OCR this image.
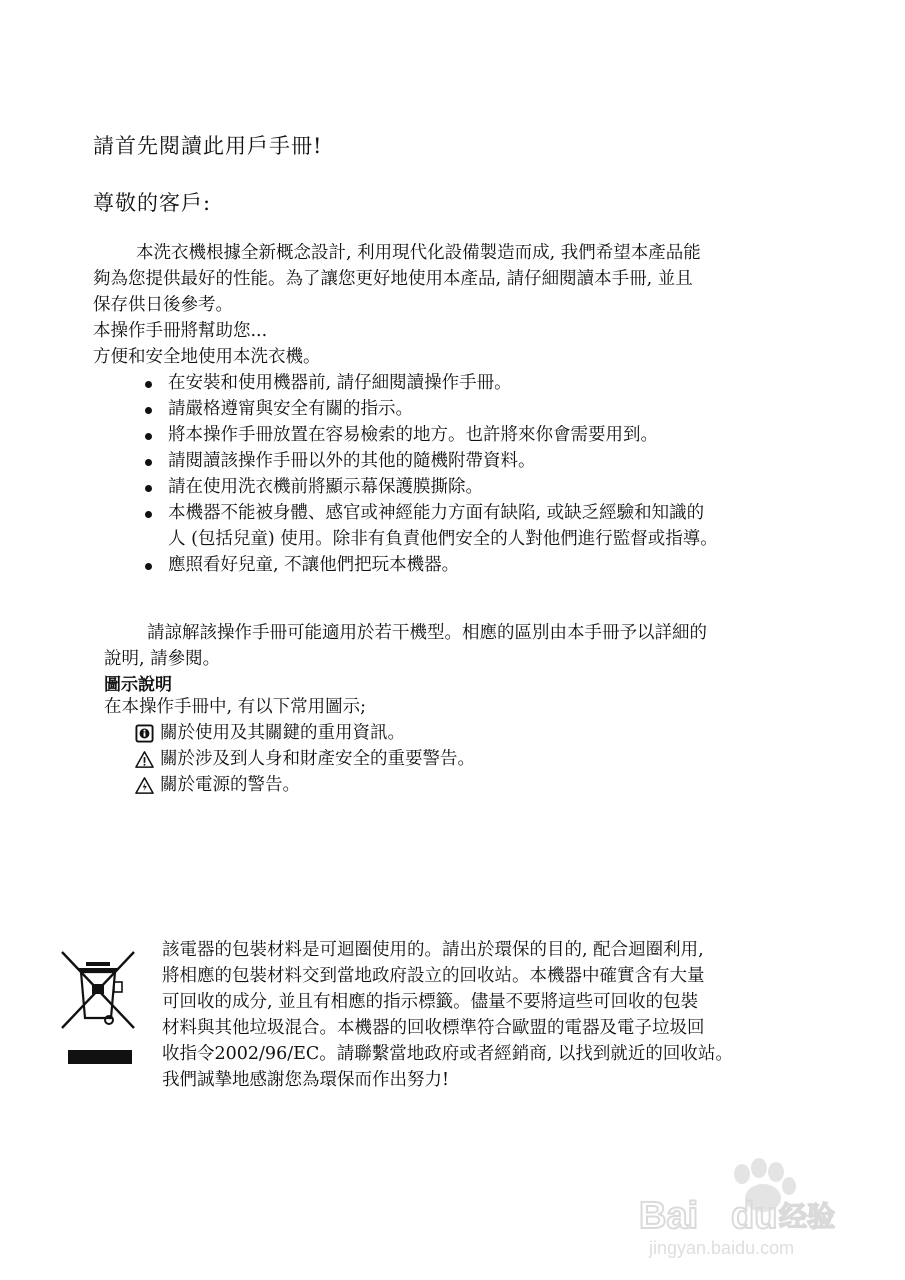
請首先閱讀此用戶手冊!
尊敬的客戶:
本洗衣機根據全新概念設計, 利用現代化設備製造而成, 我們希望本產品能
夠為您提供最好的性能。為了讓您更好地使用本產品, 請仔細閱讀本手冊, 並且
保存供日後參考。
本操作手冊將幫助您...
方便和安全地使用本洗衣機。
在安裝和使用機器前, 請仔細閱讀操作手冊。
請嚴格遵甯與安全有關的指示。
將本操作手冊放置在容易檢索的地方。也許將來你會需要用到。
請閱讀該操作手冊以外的其他的隨機附帶資料。
請在使用洗衣機前將顯示幕保護膜撕除。
本機器不能被身體、感官或神經能力方面有缺陷, 或缺乏經驗和知識的
人 (包括兒童) 使用。除非有負責他們安全的人對他們進行監督或指導。
應照看好兒童, 不讓他們把玩本機器。
請諒解該操作手冊可能適用於若干機型。相應的區別由本手冊予以詳細的
說明, 請參閱。
圖示說明
在本操作手冊中, 有以下常用圖示;
關於使用及其關鍵的重用資訊。
關於涉及到人身和財產安全的重要警告。
關於電源的警告。
該電器的包裝材料是可迴圈使用的。請出於環保的目的, 配合迴圈利用,
將相應的包裝材料交到當地政府設立的回收站。本機器中確實含有大量
可回收的成分, 並且有相應的指示標籤。儘量不要將這些可回收的包裝
材料與其他垃圾混合。本機器的回收標準符合歐盟的電器及電子垃圾回
收指令2002/96/EC。請聯繫當地政府或者經銷商, 以找到就近的回收站。
我們誠摯地感謝您為環保而作出努力!
Bai du 经验
jingyan.baidu.com
